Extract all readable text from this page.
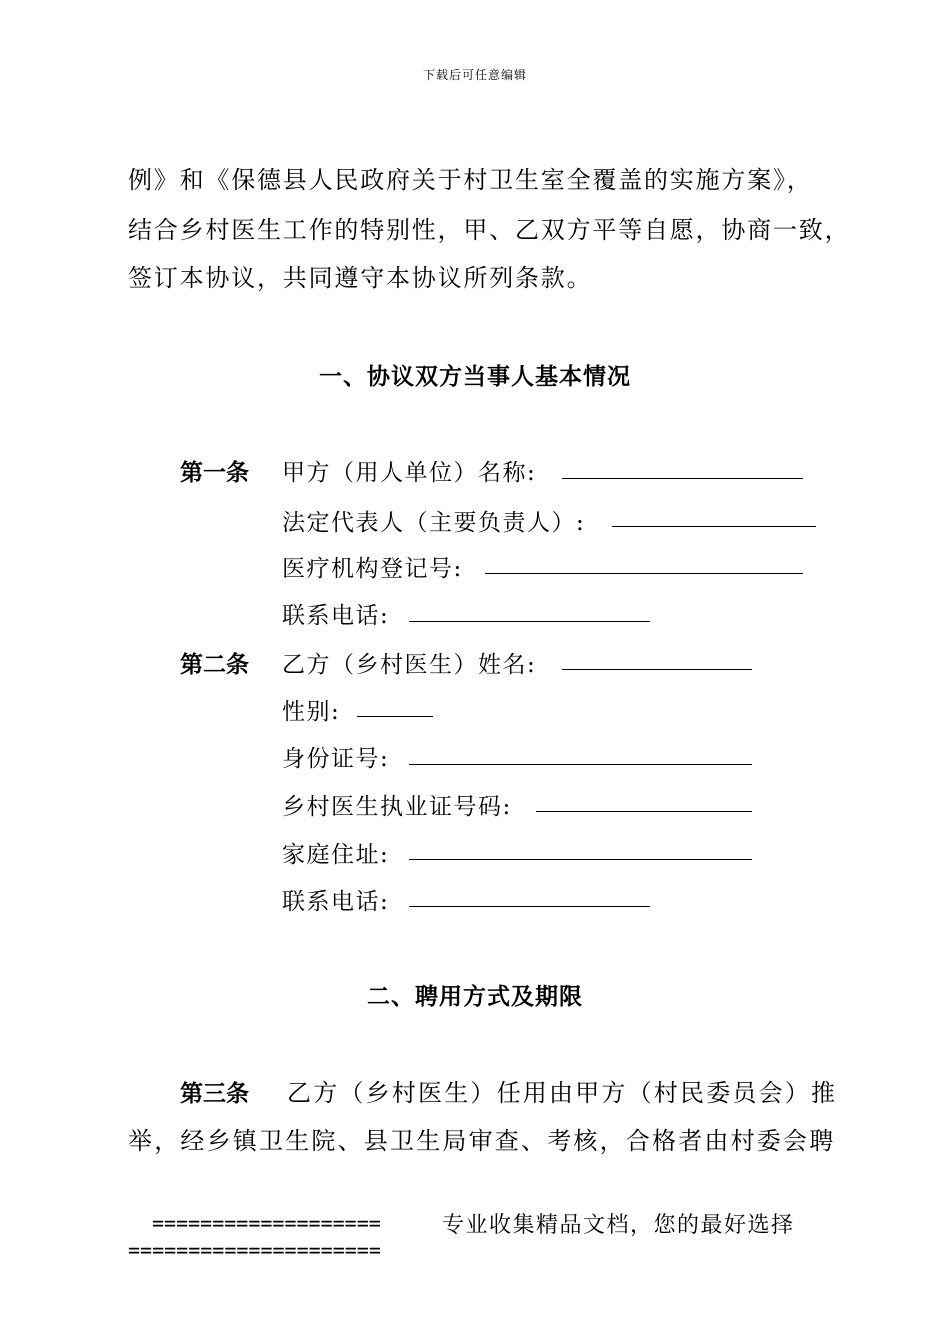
下载后可任意编辑
例》和《保德县人民政府关于村卫生室全覆盖的实施方案》，
结合乡村医生工作的特别性，甲、乙双方平等自愿，协商一致，
签订本协议，共同遵守本协议所列条款。
一、协议双方当事人基本情况
第一条 甲方（用人单位）名称:
法定代表人（主要负责人）:
医疗机构登记号:
联系电话:
第二条 乙方（乡村医生）姓名:
性别:
身份证号:
乡村医生执业证号码:
家庭住址:
联系电话:
二、聘用方式及期限
第三条 乙方（乡村医生）任用由甲方（村民委员会）推
举，经乡镇卫生院、县卫生局审查、考核，合格者由村委会聘
===================	专业收集精品文档，您的最好选择
=====================
